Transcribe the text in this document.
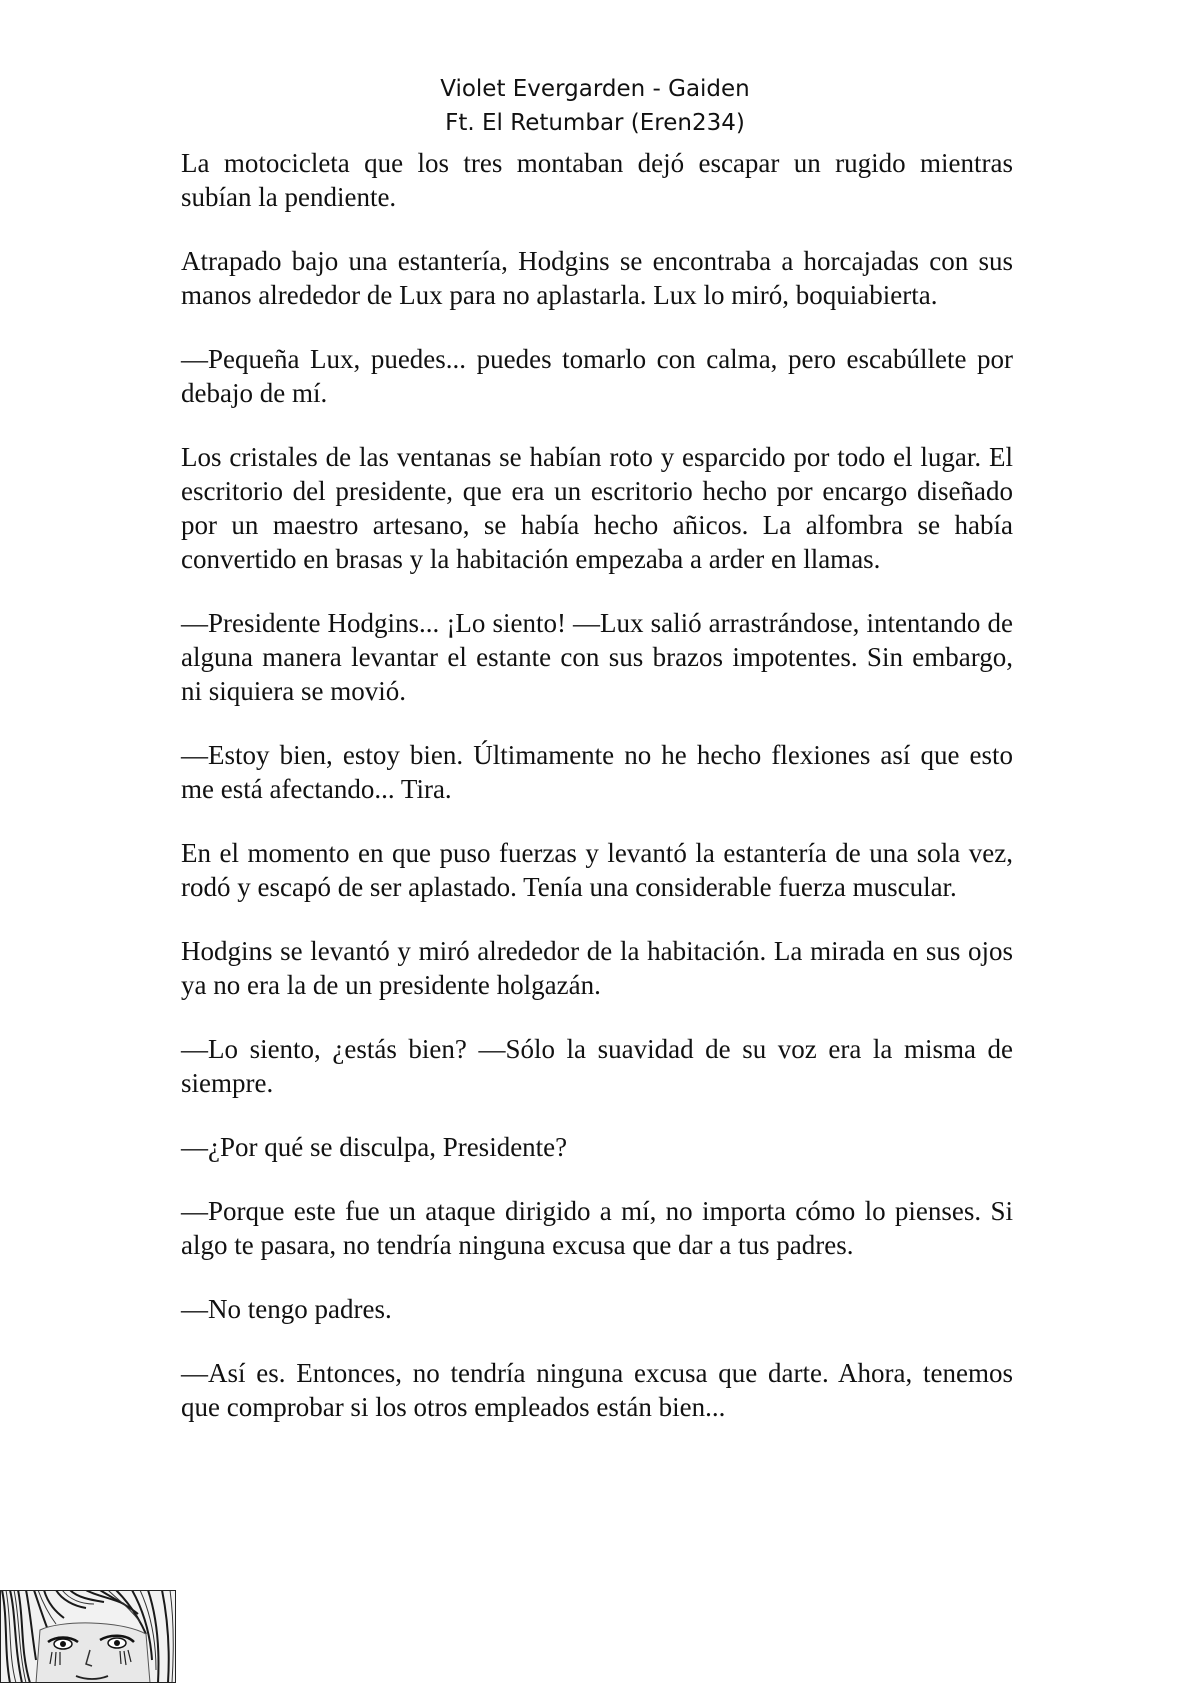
Violet Evergarden - Gaiden
Ft. El Retumbar (Eren234)

La motocicleta que los tres montaban dejó escapar un rugido mientras subían la pendiente.

Atrapado bajo una estantería, Hodgins se encontraba a horcajadas con sus manos alrededor de Lux para no aplastarla. Lux lo miró, boquiabierta.

—Pequeña Lux, puedes... puedes tomarlo con calma, pero escabúllete por debajo de mí.

Los cristales de las ventanas se habían roto y esparcido por todo el lugar. El escritorio del presidente, que era un escritorio hecho por encargo diseñado por un maestro artesano, se había hecho añicos. La alfombra se había convertido en brasas y la habitación empezaba a arder en llamas.

—Presidente Hodgins... ¡Lo siento! —Lux salió arrastrándose, intentando de alguna manera levantar el estante con sus brazos impotentes. Sin embargo, ni siquiera se movió.

—Estoy bien, estoy bien. Últimamente no he hecho flexiones así que esto me está afectando... Tira.

En el momento en que puso fuerzas y levantó la estantería de una sola vez, rodó y escapó de ser aplastado. Tenía una considerable fuerza muscular.

Hodgins se levantó y miró alrededor de la habitación. La mirada en sus ojos ya no era la de un presidente holgazán.

—Lo siento, ¿estás bien? —Sólo la suavidad de su voz era la misma de siempre.

—¿Por qué se disculpa, Presidente?

—Porque este fue un ataque dirigido a mí, no importa cómo lo pienses. Si algo te pasara, no tendría ninguna excusa que dar a tus padres.

—No tengo padres.

—Así es. Entonces, no tendría ninguna excusa que darte. Ahora, tenemos que comprobar si los otros empleados están bien...
